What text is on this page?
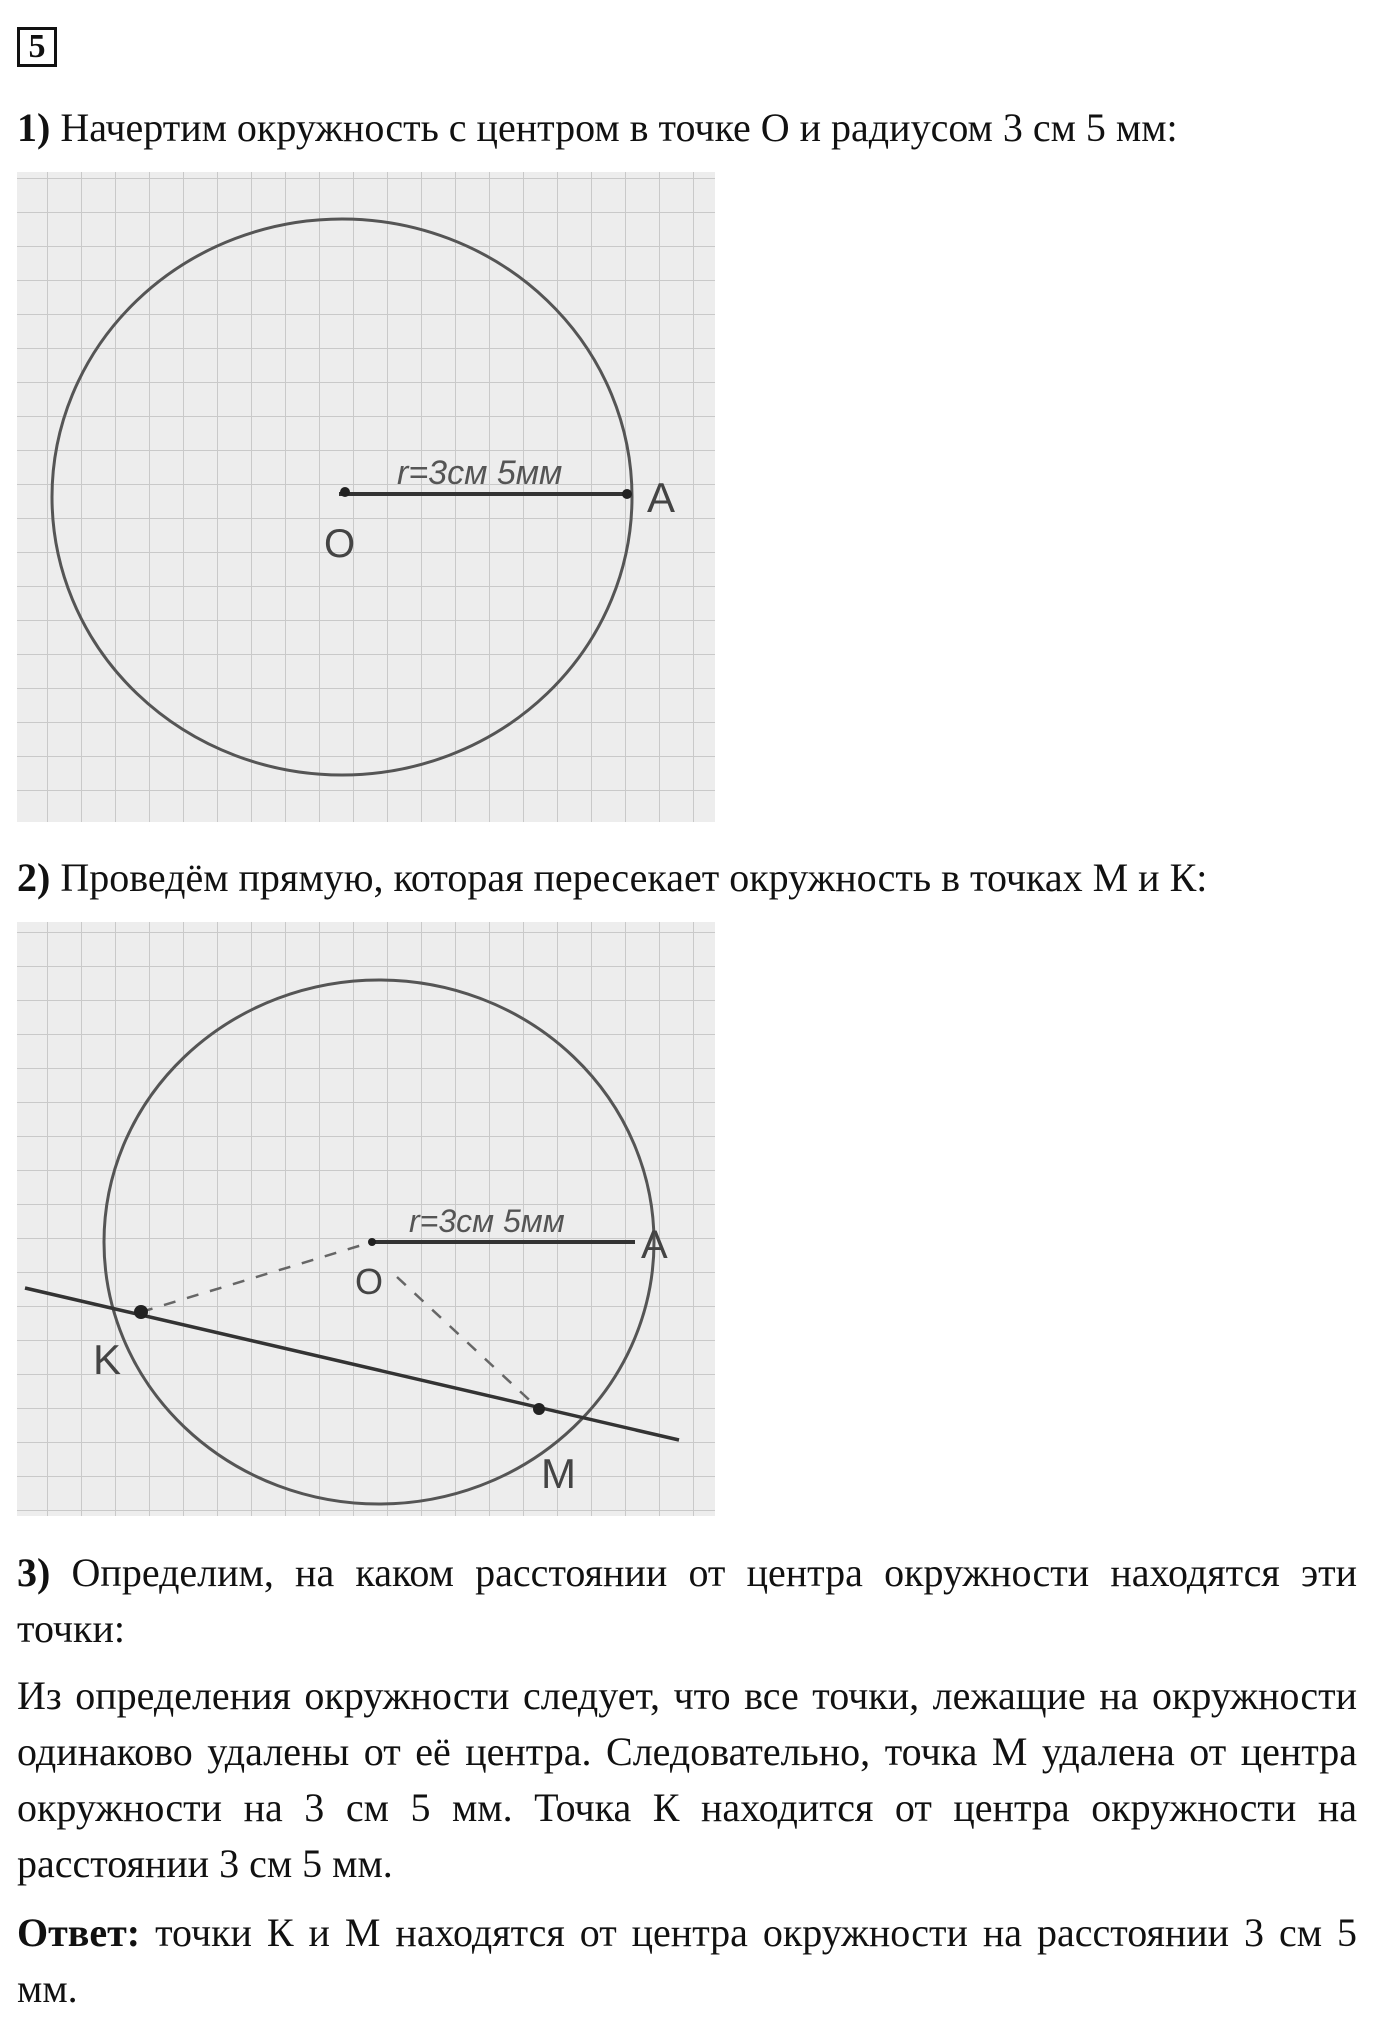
5
1) Начертим окружность с центром в точке О и радиусом 3 см 5 мм:
r=3см 5мм
O
A
2) Проведём прямую, которая пересекает окружность в точках М и К:
r=3см 5мм
O
A
K
M
3) Определим, на каком расстоянии от центра окружности находятся эти точки:
Из определения окружности следует, что все точки, лежащие на окружности одинаково удалены от её центра. Следовательно, точка М удалена от центра окружности на 3 см 5 мм. Точка К находится от центра окружности на расстоянии 3 см 5 мм.
Ответ: точки К и М находятся от центра окружности на расстоянии 3 см 5 мм.
